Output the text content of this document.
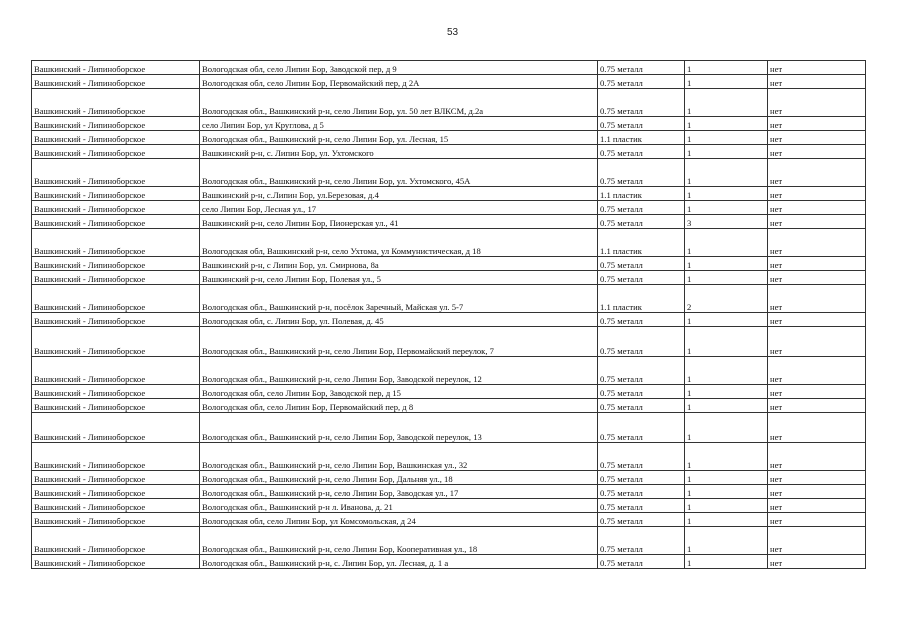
53
Вашкинский - Липиноборское	Вологодская обл, село Липин Бор, Заводской пер, д 9	0.75 металл	1	нет
Вашкинский - Липиноборское	Вологодская обл, село Липин Бор, Первомайский пер, д 2А	0.75 металл	1	нет
Вашкинский - Липиноборское	Вологодская обл., Вашкинский р-н, село Липин Бор, ул. 50 лет ВЛКСМ, д.2а	0.75 металл	1	нет
Вашкинский - Липиноборское	село Липин Бор, ул Круглова, д 5	0.75 металл	1	нет
Вашкинский - Липиноборское	Вологодская обл., Вашкинский р-н, село Липин Бор, ул. Лесная, 15	1.1 пластик	1	нет
Вашкинский - Липиноборское	Вашкинский р-н, с. Липин Бор, ул. Ухтомского	0.75 металл	1	нет
Вашкинский - Липиноборское	Вологодская обл., Вашкинский р-н, село Липин Бор, ул. Ухтомского, 45А	0.75 металл	1	нет
Вашкинский - Липиноборское	Вашкинский р-н, с.Липин Бор, ул.Березовая, д.4	1.1 пластик	1	нет
Вашкинский - Липиноборское	село Липин Бор, Лесная ул., 17	0.75 металл	1	нет
Вашкинский - Липиноборское	Вашкинский р-н, село Липин Бор, Пионерская ул., 41	0.75 металл	3	нет
Вашкинский - Липиноборское	Вологодская обл, Вашкинский р-н, село Ухтома, ул Коммунистическая, д 18	1.1 пластик	1	нет
Вашкинский - Липиноборское	Вашкинский р-н, с Липин Бор, ул. Смирнова, 8а	0.75 металл	1	нет
Вашкинский - Липиноборское	Вашкинский р-н, село Липин Бор, Полевая ул., 5	0.75 металл	1	нет
Вашкинский - Липиноборское	Вологодская обл., Вашкинский р-н, посёлок Заречный, Майская ул. 5-7	1.1 пластик	2	нет
Вашкинский - Липиноборское	Вологодская обл, с. Липин Бор, ул. Полевая, д. 45	0.75 металл	1	нет
Вашкинский - Липиноборское	Вологодская обл., Вашкинский р-н, село Липин Бор, Первомайский переулок, 7	0.75 металл	1	нет
Вашкинский - Липиноборское	Вологодская обл., Вашкинский р-н, село Липин Бор, Заводской переулок, 12	0.75 металл	1	нет
Вашкинский - Липиноборское	Вологодская обл, село Липин Бор, Заводской пер, д 15	0.75 металл	1	нет
Вашкинский - Липиноборское	Вологодская обл, село Липин Бор, Первомайский пер, д 8	0.75 металл	1	нет
Вашкинский - Липиноборское	Вологодская обл., Вашкинский р-н, село Липин Бор, Заводской переулок, 13	0.75 металл	1	нет
Вашкинский - Липиноборское	Вологодская обл., Вашкинский р-н, село Липин Бор, Вашкинская ул., 32	0.75 металл	1	нет
Вашкинский - Липиноборское	Вологодская обл., Вашкинский р-н, село Липин Бор, Дальняя ул., 18	0.75 металл	1	нет
Вашкинский - Липиноборское	Вологодская обл., Вашкинский р-н, село Липин Бор, Заводская ул., 17	0.75 металл	1	нет
Вашкинский - Липиноборское	Вологодская обл., Вашкинский р-н л. Иванова, д. 21	0.75 металл	1	нет
Вашкинский - Липиноборское	Вологодская обл, село Липин Бор, ул Комсомольская, д 24	0.75 металл	1	нет
Вашкинский - Липиноборское	Вологодская обл., Вашкинский р-н, село Липин Бор, Кооперативная ул., 18	0.75 металл	1	нет
Вашкинский - Липиноборское	Вологодская обл., Вашкинский р-н, с. Липин Бор, ул. Лесная, д. 1 а	0.75 металл	1	нет
